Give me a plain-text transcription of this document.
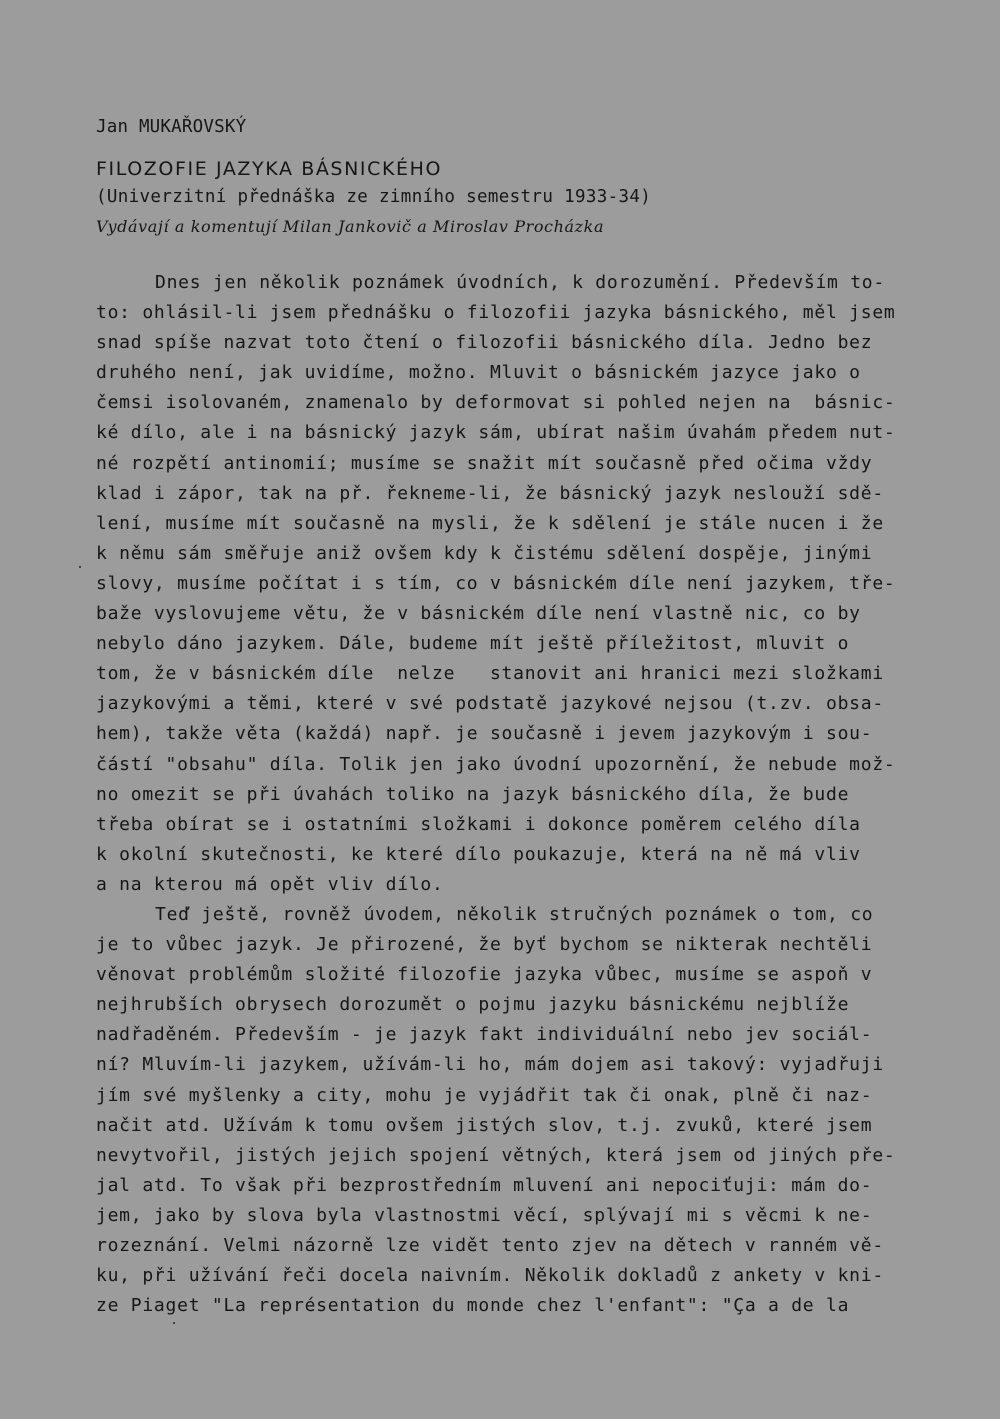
Jan MUKAŘOVSKÝ
FILOZOFIE JAZYKA BÁSNICKÉHO
(Univerzitní přednáška ze zimního semestru 1933-34)
Vydávají a komentují Milan Jankovič a Miroslav Procházka
Dnes jen několik poznámek úvodních, k dorozumění. Především to-
to: ohlásil-li jsem přednášku o filozofii jazyka básnického, měl jsem
snad spíše nazvat toto čtení o filozofii básnického díla. Jedno bez
druhého není, jak uvidíme, možno. Mluvit o básnickém jazyce jako o
čemsi isolovaném, znamenalo by deformovat si pohled nejen na  básnic-
ké dílo, ale i na básnický jazyk sám, ubírat našim úvahám předem nut-
né rozpětí antinomií; musíme se snažit mít současně před očima vždy
klad i zápor, tak na př. řekneme-li, že básnický jazyk neslouží sdě-
lení, musíme mít současně na mysli, že k sdělení je stále nucen i že
k němu sám směřuje aniž ovšem kdy k čistému sdělení dospěje, jinými
slovy, musíme počítat i s tím, co v básnickém díle není jazykem, tře-
baže vyslovujeme větu, že v básnickém díle není vlastně nic, co by
nebylo dáno jazykem. Dále, budeme mít ještě příležitost, mluvit o
tom, že v básnickém díle  nelze   stanovit ani hranici mezi složkami
jazykovými a těmi, které v své podstatě jazykové nejsou (t.zv. obsa-
hem), takže věta (každá) např. je současně i jevem jazykovým i sou-
částí "obsahu" díla. Tolik jen jako úvodní upozornění, že nebude mož-
no omezit se při úvahách toliko na jazyk básnického díla, že bude
třeba obírat se i ostatními složkami i dokonce poměrem celého díla
k okolní skutečnosti, ke které dílo poukazuje, která na ně má vliv
a na kterou má opět vliv dílo.
Teď ještě, rovněž úvodem, několik stručných poznámek o tom, co
je to vůbec jazyk. Je přirozené, že byť bychom se nikterak nechtěli
věnovat problémům složité filozofie jazyka vůbec, musíme se aspoň v
nejhrubších obrysech dorozumět o pojmu jazyku básnickému nejblíže
nadřaděném. Především - je jazyk fakt individuální nebo jev sociál-
ní? Mluvím-li jazykem, užívám-li ho, mám dojem asi takový: vyjadřuji
jím své myšlenky a city, mohu je vyjádřit tak či onak, plně či naz-
načit atd. Užívám k tomu ovšem jistých slov, t.j. zvuků, které jsem
nevytvořil, jistých jejich spojení větných, která jsem od jiných pře-
jal atd. To však při bezprostředním mluvení ani nepociťuji: mám do-
jem, jako by slova byla vlastnostmi věcí, splývají mi s věcmi k ne-
rozeznání. Velmi názorně lze vidět tento zjev na dětech v ranném vě-
ku, při užívání řeči docela naivním. Několik dokladů z ankety v kni-
ze Piaget "La représentation du monde chez l'enfant": "Ça a de la
